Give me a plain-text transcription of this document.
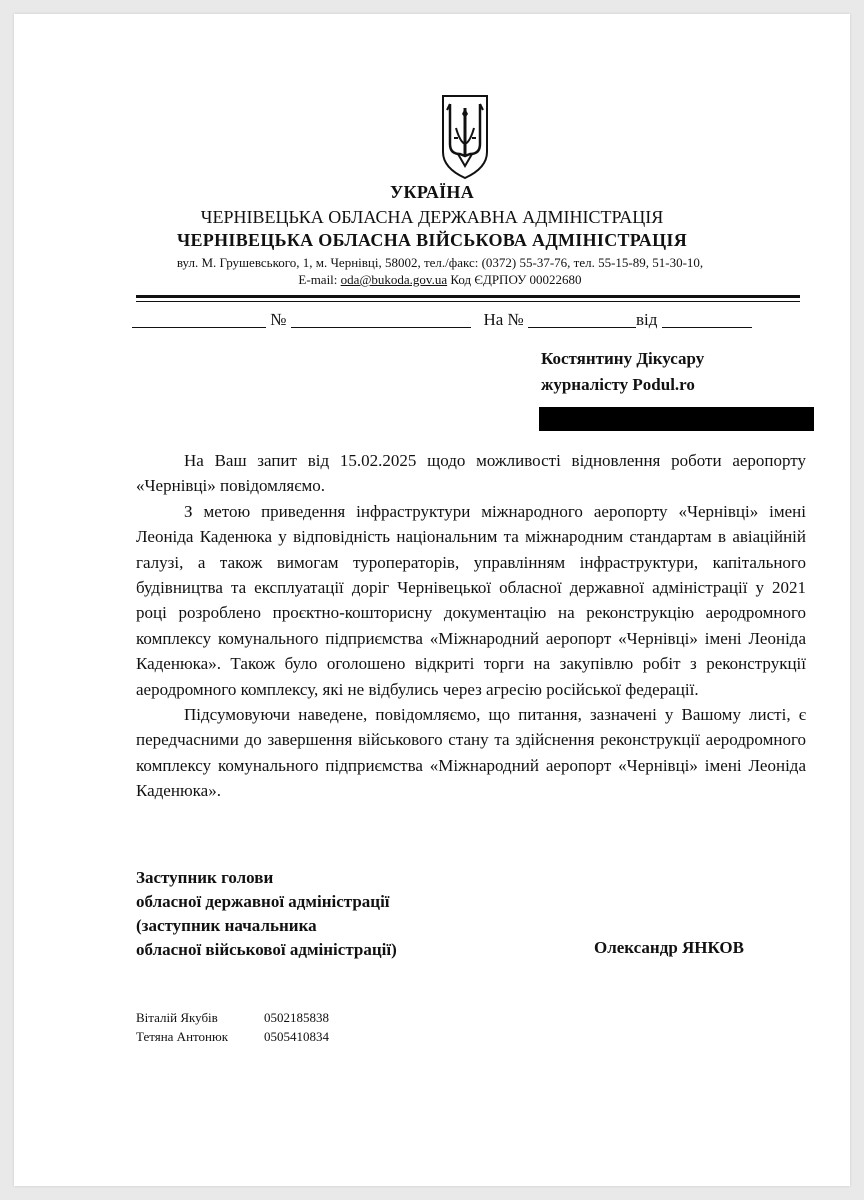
УКРАЇНА
ЧЕРНІВЕЦЬКА ОБЛАСНА ДЕРЖАВНА АДМІНІСТРАЦІЯ
ЧЕРНІВЕЦЬКА ОБЛАСНА ВІЙСЬКОВА АДМІНІСТРАЦІЯ
вул. М. Грушевського, 1, м. Чернівці, 58002, тел./факс: (0372) 55-37-76, тел. 55-15-89, 51-30-10,
E-mail: oda@bukoda.gov.ua Код ЄДРПОУ 00022680
№	На №	від
Костянтину Дікусару
журналісту Podul.ro

На Ваш запит від 15.02.2025 щодо можливості відновлення роботи аеропорту «Чернівці» повідомляємо.

З метою приведення інфраструктури міжнародного аеропорту «Чернівці» імені Леоніда Каденюка у відповідність національним та міжнародним стандартам в авіаційній галузі, а також вимогам туроператорів, управлінням інфраструктури, капітального будівництва та експлуатації доріг Чернівецької обласної державної адміністрації у 2021 році розроблено проєктно-кошторисну документацію на реконструкцію аеродромного комплексу комунального підприємства «Міжнародний аеропорт «Чернівці» імені Леоніда Каденюка». Також було оголошено відкриті торги на закупівлю робіт з реконструкції аеродромного комплексу, які не відбулись через агресію російської федерації.

Підсумовуючи наведене, повідомляємо, що питання, зазначені у Вашому листі, є передчасними до завершення військового стану та здійснення реконструкції аеродромного комплексу комунального підприємства «Міжнародний аеропорт «Чернівці» імені Леоніда Каденюка».

Заступник голови
обласної державної адміністрації
(заступник начальника
обласної військової адміністрації)	Олександр ЯНКОВ
Віталій Якубів	0502185838
Тетяна Антонюк	0505410834
